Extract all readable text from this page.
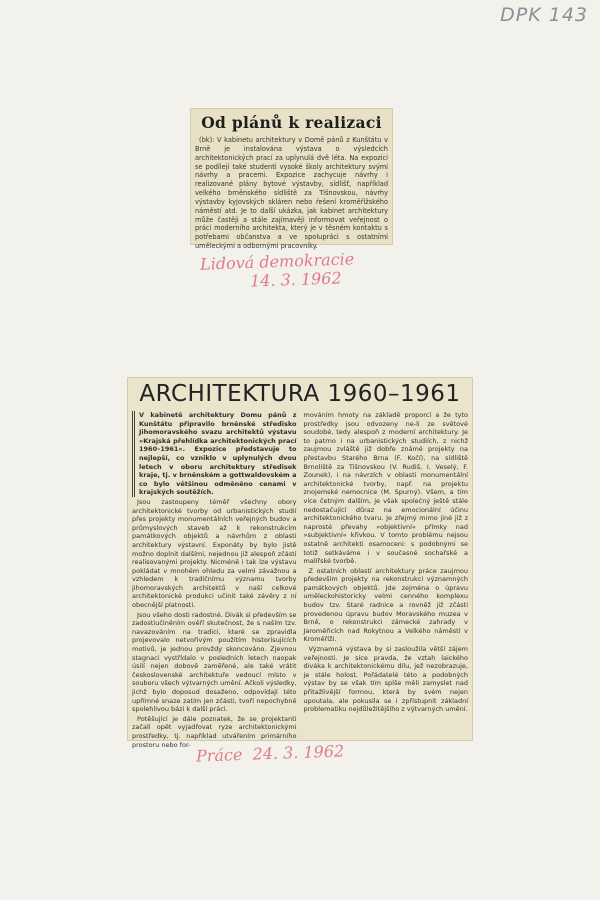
DPK 143
Od plánů k realizaci

(bk): V kabinetu architektury v Domě pánů z Kunštátu v Brně je instalována výstava o výsledcích architektonických prací za uplynulá dvě léta. Na expozici se podílejí také studenti vysoké školy architektury svými návrhy a pracemi. Expozice zachycuje návrhy i realizované plány bytové výstavby, sídlišť, například velkého brněnského sídliště za Tišnovskou, návrhy výstavby kyjovských skláren nebo řešení kroměřížského náměstí atd. Je to další ukázka, jak kabinet architektury může častěji a stále zajímavěji informovat veřejnost o práci moderního architekta, který je v těsném kontaktu s potřebami občanstva a ve spolupráci s ostatními uměleckými a odbornými pracovníky.

Lidová demokracie
14. 3. 1962
ARCHITEKTURA 1960–1961

V kabinetě architektury Domu pánů z Kunštátu připravilo brněnské středisko Jihomoravského svazu architektů výstavu »Krajská přehlídka architektonických prací 1960–1961«. Expozice představuje to nejlepší, co vzniklo v uplynulých dvou letech v oboru architektury středisek kraje, tj. v brněnském a gottwaldovském a co bylo většinou odměněno cenami v krajských soutěžích.

Jsou zastoupeny téměř všechny obory architektonické tvorby od urbanistických studií přes projekty monumentálních veřejných budov a průmyslových staveb až k rekonstrukcím památkových objektů a návrhům z oblasti architektury výstavní. Exponáty by bylo jistě možno doplnit dalšími, nejednou již alespoň zčásti realisovanými projekty. Nicméně i tak lze výstavu pokládat v mnohém ohledu za velmi závažnou a vzhledem k tradičnímu významu tvorby jihomoravských architektů v naší celkové architektonické produkci učinit také závěry z ní obecnější platnosti.

Jsou všeho dosti radostné. Divák si především se zadostiučiněním ověří skutečnost, že s naším tzv. navazováním na tradici, které se zpravidla projevovalo netvořivým použitím historisujících motivů, je jednou provždy skoncováno. Zjevnou stagnaci vystřídalo v posledních letech naopak úsilí nejen dobově zaměřené, ale také vrátit československé architektuře vedoucí místo v souboru všech výtvarných umění. Ačkoli výsledky, jichž bylo doposud dosaženo, odpovídají této upřímné snaze zatím jen zčásti, tvoří nepochybně spolehlivou bázi k další práci.

Potěšující je dále poznatek, že se projektanti začali opět vyjadřovat ryze architektonickými prostředky, tj. například utvářením primárního prostoru nebo for-

mováním hmoty na základě proporcí a že tyto prostředky jsou odvozeny ne-li ze světové soudobé, tedy alespoň z moderní architektury. Je to patrno i na urbanistických studiích, z nichž zaujmou zvláště již dobře známé projekty na přestavbu Starého Brna (F. Kočí), na sídliště Brnoliště za Tišnovskou (V. Rudiš, I. Veselý, F. Zounek), i na návrzích v oblasti monumentální architektonické tvorby, např. na projektu znojemské nemocnice (M. Spurný). Všem, a tím více četným dalším, je však společný ještě stále nedostačující důraz na emocionální účinu architektonického tvaru. Je zřejmý mimo jiné již z naprosté převahy »objektivní« přímky nad »subjektivní« křivkou. V tomto problému nejsou ostatně architekti osamoceni: s podobnými se totiž setkáváme i v současné sochařské a malířské tvorbě.

Z ostatních oblastí architektury práce zaujmou především projekty na rekonstrukci významných památkových objektů. Jde zejména o úpravu uměleckohistoricky velmi cenného komplexu budov tzv. Staré radnice a rovněž již zčásti provedenou úpravu budov Moravského muzea v Brně, o rekonstrukci zámecké zahrady v Jaroměřicích nad Rokytnou a Velkého náměstí v Kroměříži.

Významná výstava by si zasloužila větší zájem veřejnosti. Je sice pravda, že vztah laického diváka k architektonickému dílu, jež nezobrazuje, je stále holost. Pořádatelé této a podobných výstav by se však tím spíše měli zamyslet nad přitažlivější formou, která by svém nejen upoutala, ale pokusila se i zpřístupnit základní problematiku nejdůležitějšího z výtvarných umění.

Práce 24. 3. 1962
